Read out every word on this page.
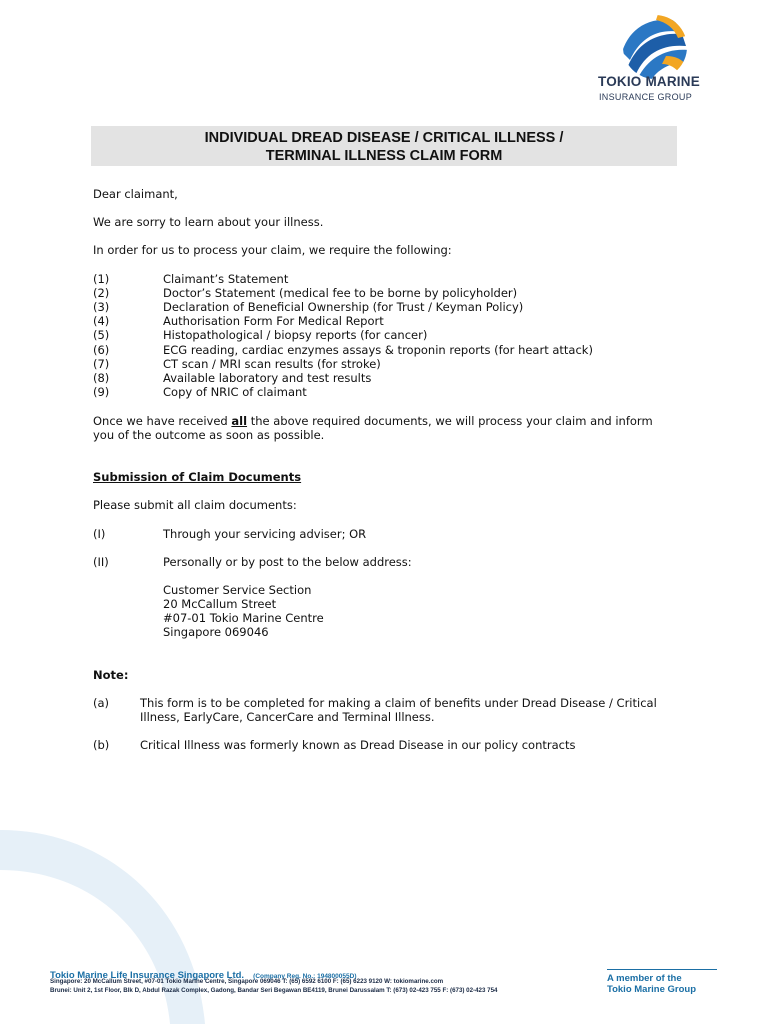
TOKIO MARINE
INSURANCE GROUP
INDIVIDUAL DREAD DISEASE / CRITICAL ILLNESS /
TERMINAL ILLNESS CLAIM FORM
Dear claimant,
We are sorry to learn about your illness.
In order for us to process your claim, we require the following:
(1)	Claimant’s Statement
(2)	Doctor’s Statement (medical fee to be borne by policyholder)
(3)	Declaration of Beneficial Ownership (for Trust / Keyman Policy)
(4)	Authorisation Form For Medical Report
(5)	Histopathological / biopsy reports (for cancer)
(6)	ECG reading, cardiac enzymes assays & troponin reports (for heart attack)
(7)	CT scan / MRI scan results (for stroke)
(8)	Available laboratory and test results
(9)	Copy of NRIC of claimant
Once we have received all the above required documents, we will process your claim and inform
you of the outcome as soon as possible.
Submission of Claim Documents
Please submit all claim documents:
(I)	Through your servicing adviser; OR
(II)	Personally or by post to the below address:
Customer Service Section
20 McCallum Street
#07-01 Tokio Marine Centre
Singapore 069046
Note:
(a)	This form is to be completed for making a claim of benefits under Dread Disease / Critical
Illness, EarlyCare, CancerCare and Terminal Illness.
(b)	Critical Illness was formerly known as Dread Disease in our policy contracts
Tokio Marine Life Insurance Singapore Ltd. (Company Reg. No.: 194800055D)
Singapore: 20 McCallum Street, #07-01 Tokio Marine Centre, Singapore 069046 T: (65) 6592 6100 F: (65) 6223 9120 W: tokiomarine.com
Brunei: Unit 2, 1st Floor, Blk D, Abdul Razak Complex, Gadong, Bandar Seri Begawan BE4119, Brunei Darussalam T: (673) 02-423 755 F: (673) 02-423 754
A member of the
Tokio Marine Group
